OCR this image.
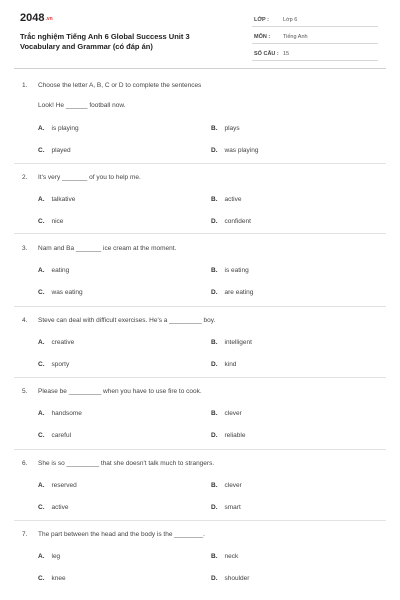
2048.vn
Trắc nghiệm Tiếng Anh 6 Global Success Unit 3 Vocabulary and Grammar (có đáp án)
LỚP :	Lớp 6
MÔN : Tiếng Anh
SỐ CÂU : 15
1. Choose the letter A, B, C or D to complete the sentences
Look! He ______ football now.
A. is playing	B. plays
C. played	D. was playing
2. It's very _______ of you to help me.
A. talkative	B. active
C. nice	D. confident
3. Nam and Ba _______ ice cream at the moment.
A. eating	B. is eating
C. was eating	D. are eating
4. Steve can deal with difficult exercises. He's a _________ boy.
A. creative	B. intelligent
C. sporty	D. kind
5. Please be _________ when you have to use fire to cook.
A. handsome	B. clever
C. careful	D. reliable
6. She is so _________ that she doesn't talk much to strangers.
A. reserved	B. clever
C. active	D. smart
7. The part between the head and the body is the ________.
A. leg	B. neck
C. knee	D. shoulder
